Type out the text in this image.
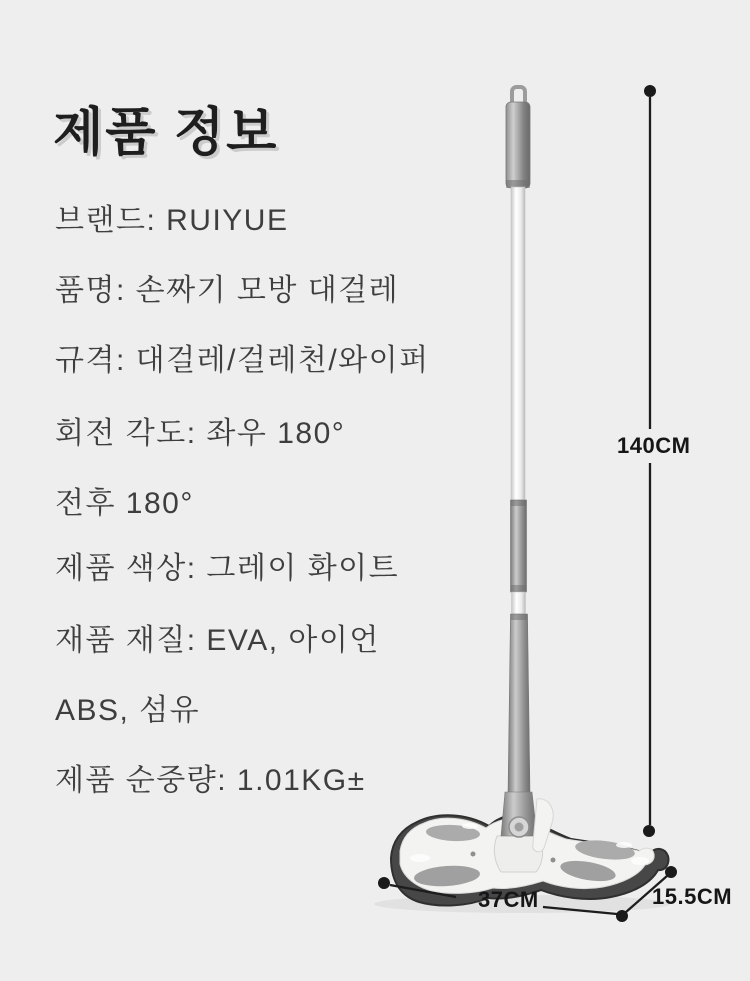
제품 정보
브랜드: RUIYUE
품명: 손짜기 모방 대걸레
규격: 대걸레/걸레천/와이퍼
회전 각도: 좌우 180°
전후 180°
제품 색상: 그레이 화이트
재품 재질: EVA, 아이언
ABS, 섬유
제품 순중량: 1.01KG±
140CM
37CM	15.5CM
